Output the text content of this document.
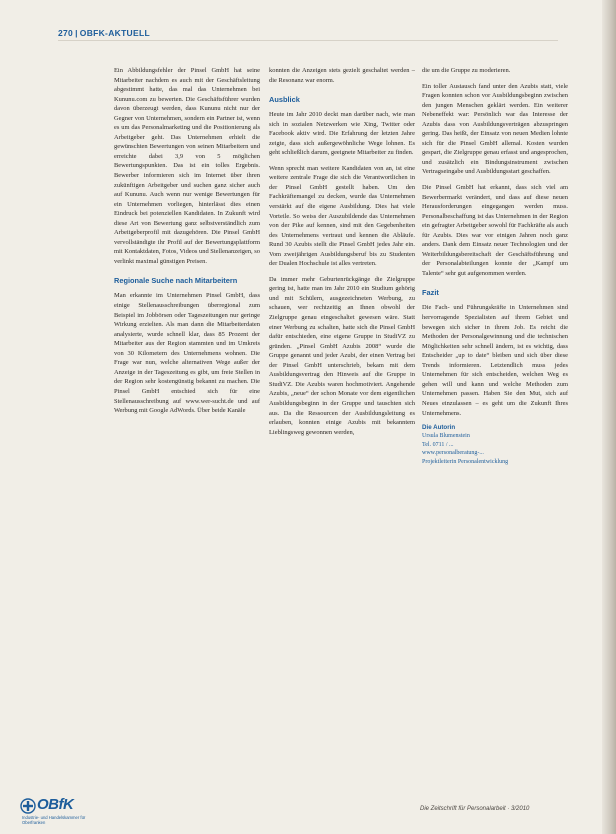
270 | OBFK-AKTUELL

Ein Abbildungsfehler der Pinsel GmbH hat seine Mitarbeiter nachdem es auch mit der Geschäftsleitung abgestimmt hatte, das mal das Unternehmen bei Kununu.com zu bewerten. Die Geschäftsführer wurden davon überzeugt werden, dass Kununu nicht nur der Gegner von Unternehmen, sondern ein Partner ist, wenn es um das Personalmarketing und die Positionierung als Arbeitgeber geht. Das Unternehmen erhielt die gewünschten Bewertungen von seinen Mitarbeitern und erreichte dabei 3,9 von 5 möglichen Bewertungspunkten. Das ist ein tolles Ergebnis. Bewerber informieren sich im Internet über ihren zukünftigen Arbeitgeber und suchen ganz sicher auch auf Kununu. Auch wenn nur wenige Bewertungen für ein Unternehmen vorliegen, hinterlässt dies einen Eindruck bei potenziellen Kandidaten. In Zukunft wird diese Art von Bewertung ganz selbstverständlich zum Arbeitgeberprofil mit dazugehören. Die Pinsel GmbH vervollständigte ihr Profil auf der Bewertungsplattform mit Kontaktdaten, Fotos, Videos und Stellenanzeigen, so verlinkt maximal günstigen Preisen.

Regionale Suche nach Mitarbeitern

Man erkannte im Unternehmen Pinsel GmbH, dass einige Stellenausschreibungen überregional zum Beispiel im Jobbörsen oder Tageszeitungen nur geringe Wirkung erzielten. Als man dann die Mitarbeiterdaten analysierte, wurde schnell klar, dass 85 Prozent der Mitarbeiter aus der Region stammten und im Umkreis von 30 Kilometern des Unternehmens wohnen. Die Frage war nun, welche alternativen Wege außer der Anzeige in der Tageszeitung es gibt, um freie Stellen in der Region sehr kostengünstig bekannt zu machen. Die Pinsel GmbH entschied sich für eine Stellenausschreibung auf www.wer-sucht.de und auf Werbung mit Google AdWords. Über beide Kanäle

konnten die Anzeigen stets gezielt geschaltet werden – die Resonanz war enorm.

Ausblick

Heute im Jahr 2010 deckt man darüber nach, wie man sich in sozialen Netzwerken wie Xing, Twitter oder Facebook aktiv wird. Die Erfahrung der letzten Jahre zeigte, dass sich außergewöhnliche Wege lohnen. Es geht schließlich darum, geeignete Mitarbeiter zu finden.

Wenn sprecht man weitere Kandidaten von an, ist eine weitere zentrale Frage die sich die Verantwortlichen in der Pinsel GmbH gestellt haben. Um den Fachkräftemangel zu decken, wurde das Unternehmen verstärkt auf die eigene Ausbildung. Dies hat viele Vorteile. So weiss der Auszubildende das Unternehmen von der Pike auf kennen, sind mit den Gegebenheiten des Unternehmens vertraut und kennen die Abläufe. Rund 30 Azubis stellt die Pinsel GmbH jedes Jahr ein. Vom zweijährigen Ausbildungsberuf bis zu Studenten der Dualen Hochschule ist alles vertreten.

Da immer mehr Geburtenrückgänge die Zielgruppe gering ist, hatte man im Jahr 2010 ein Studium gehörig und mit Schülern, ausgezeichneten Werbung, zu schauen, wer rechtzeitig an Ihnen obwohl der Zielgruppe genau eingeschaltet gewesen wäre. Statt einer Werbung zu schalten, hatte sich die Pinsel GmbH dafür entschieden, eine eigene Gruppe in StudiVZ zu gründen. „Pinsel GmbH Azubis 2008“ wurde die Gruppe genannt und jeder Azubi, der einen Vertrag bei der Pinsel GmbH unterschrieb, bekam mit dem Ausbildungsvertrag den Hinweis auf die Gruppe in StudiVZ. Die Azubis waren hochmotiviert. Angehende Azubis, „neue“ der schon Monate vor dem eigentlichen Ausbildungsbeginn in der Gruppe und tauschten sich aus. Da die Ressourcen der Ausbildungsleitung es erlauben, konnten einige Azubis mit bekanntem Lieblingsweg gewonnen werden,

die um die Gruppe zu moderieren.

Ein toller Austausch fand unter den Azubis statt, viele Fragen konnten schon vor Ausbildungsbeginn zwischen den jungen Menschen geklärt werden. Ein weiterer Nebeneffekt war: Persönlich war das Interesse der Azubis dass von Ausbildungsverträgen abzuspringen gering. Das heißt, der Einsatz von neuen Medien lohnte sich für die Pinsel GmbH allemal. Kosten wurden gespart, die Zielgruppe genau erfasst und angesprochen, und zusätzlich ein Bindungsinstrument zwischen Vertragseingabe und Ausbildungsstart geschaffen.

Die Pinsel GmbH hat erkannt, dass sich viel am Bewerbermarkt verändert, und dass auf diese neuen Herausforderungen eingegangen werden muss. Personalbeschaffung ist das Unternehmen in der Region ein gefragter Arbeitgeber sowohl für Fachkräfte als auch für Azubis. Dies war vor einigen Jahren noch ganz anders. Dank dem Einsatz neuer Technologien und der Weiterbildungsbereitschaft der Geschäftsführung und der Personalabteilungen konnte der „Kampf um Talente“ sehr gut aufgenommen werden.

Fazit

Die Fach- und Führungskräfte in Unternehmen sind hervorragende Spezialisten auf ihrem Gebiet und bewegen sich sicher in ihrem Job. Es reicht die Methoden der Personalgewinnung und die technischen Möglichkeiten sehr schnell ändern, ist es wichtig, dass Entscheider „up to date“ bleiben und sich über diese Trends informieren. Letztendlich muss jedes Unternehmen für sich entscheiden, welchen Weg es gehen will und kann und welche Methoden zum Unternehmen passen. Haben Sie den Mut, sich auf Neues einzulassen – es geht um die Zukunft Ihres Unternehmens.

Die Autorin
Ursula Blumenstein
Tel. 0711 / ...
www.personalberatung-...
Projektleiterin Personalentwicklung
OBfK
Industrie- und Handelskammer für Oberfranken
Die Zeitschrift für Personalarbeit · 3/2010
